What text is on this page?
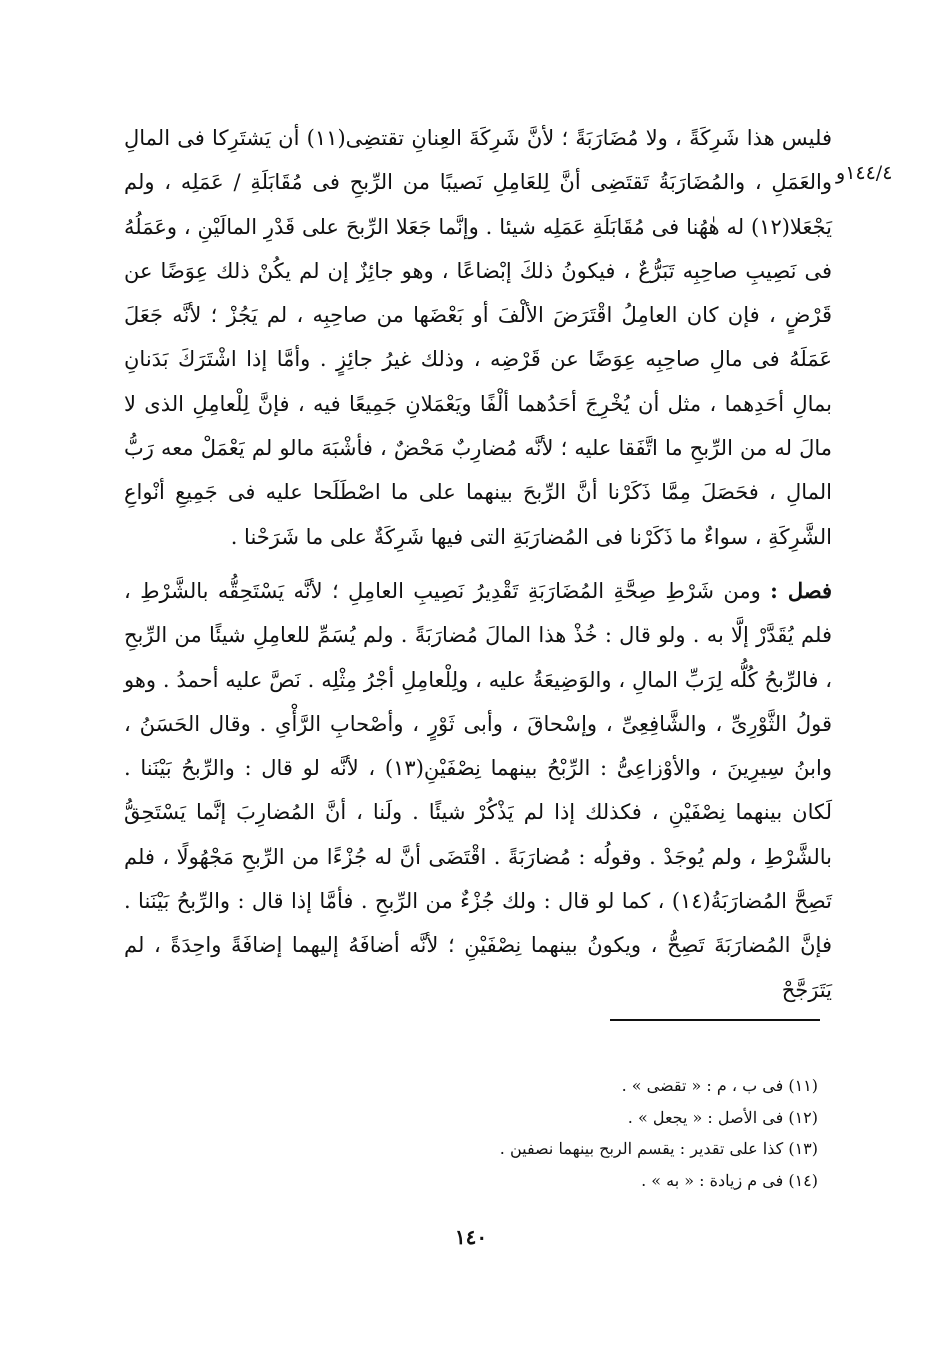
١٤٤/٤و

فليس هذا شَرِكَةً ، ولا مُضَارَبَةً ؛ لأنَّ شَرِكَةَ العِنانِ تقتضِى(١١) أن يَشتَرِكا فى المالِ والعَمَلِ ، والمُضَارَبَةُ تَقتَضِى أنَّ لِلعَامِلِ نَصيبًا من الرِّبحِ فى مُقَابَلَةِ / عَمَلِه ، ولم يَجْعَلا(١٢) له هٰهُنا فى مُقَابَلَةِ عَمَلِه شيئا . وإنَّما جَعَلا الرِّبحَ على قَدْرِ المالَيْنِ ، وعَمَلُهُ فى نَصِيبِ صاحِبِه تَبَرُّعٌ ، فيكونُ ذلكَ إبْضاعًا ، وهو جائِزٌ إن لم يكُنْ ذلك عِوَضًا عن قَرْضٍ ، فإن كان العامِلُ اقْتَرَضَ الألْفَ أو بَعْضَها من صاحِبِه ، لم يَجُزْ ؛ لأنَّه جَعَلَ عَمَلَهُ فى مالِ صاحِبِه عِوَضًا عن قَرْضِه ، وذلك غيرُ جائِزٍ . وأمَّا إذا اشْتَرَكَ بَدَنانِ بمالِ أحَدِهما ، مثل أن يُخْرِجَ أحَدُهما ألْفًا ويَعْمَلانِ جَمِيعًا فيه ، فإنَّ لِلْعامِلِ الذى لا مالَ له من الرِّبحِ ما اتَّفَقا عليه ؛ لأنَّه مُضارِبٌ مَحْضٌ ، فأشْبَهَ مالو لم يَعْمَلْ معه رَبُّ المالِ ، فحَصَلَ مِمَّا ذَكَرْنا أنَّ الرِّبحَ بينهما على ما اصْطَلَحا عليه فى جَمِيعِ أنْواعِ الشَّرِكَةِ ، سواءٌ ما ذَكَرْنا فى المُضارَبَةِ التى فيها شَرِكَةٌ على ما شَرَحْنا .

فصل : ومن شَرْطِ صِحَّةِ المُضَارَبَةِ تَقْدِيرُ نَصِيبِ العامِلِ ؛ لأنَّه يَسْتَحِقُّه بالشَّرْطِ ، فلم يُقَدَّرْ إلَّا به . ولو قال : خُذْ هذا المالَ مُضارَبَةً . ولم يُسَمِّ للعامِلِ شيئًا من الرِّبحِ ، فالرِّبحُ كُلُّه لِرَبِّ المالِ ، والوَضِيعَةُ عليه ، ولِلْعامِلِ أجْرُ مِثْلِه . نَصَّ عليه أحمدُ . وهو قولُ الثَّوْرِىِّ ، والشَّافِعِىِّ ، وإسْحاقَ ، وأبى ثَوْرٍ ، وأصْحابِ الرَّأْىِ . وقال الحَسَنُ ، وابنُ سِيرِينَ ، والأوْزاعِىُّ : الرِّبْحُ بينهما نِصْفَيْنِ(١٣) ، لأنَّه لو قال : والرِّبحُ بَيْنَنا . لَكان بينهما نِصْفَيْنِ ، فكذلك إذا لم يَذْكُرْ شيئًا . ولَنا ، أنَّ المُضارِبَ إنَّما يَسْتَحِقُّ بالشَّرْطِ ، ولم يُوجَدْ . وقولُه : مُضارَبَةً . اقْتَضَى أنَّ له جُزْءًا من الرِّبحِ مَجْهُولًا ، فلم تَصِحَّ المُضارَبَةُ(١٤) ، كما لو قال : ولك جُزْءٌ من الرِّبحِ . فأمَّا إذا قال : والرِّبحُ بَيْنَنا . فإنَّ المُضارَبَةَ تَصِحُّ ، ويكونُ بينهما نِصْفَيْنِ ؛ لأنَّه أضافَهُ إليهما إضافَةً واحِدَةً ، لم يَتَرَجَّحْ

(١١) فى ب ، م : « تقضى » .
(١٢) فى الأصل : « يجعل » .
(١٣) كذا على تقدير : يقسم الربح بينهما نصفين .
(١٤) فى م زيادة : « به » .
١٤٠
